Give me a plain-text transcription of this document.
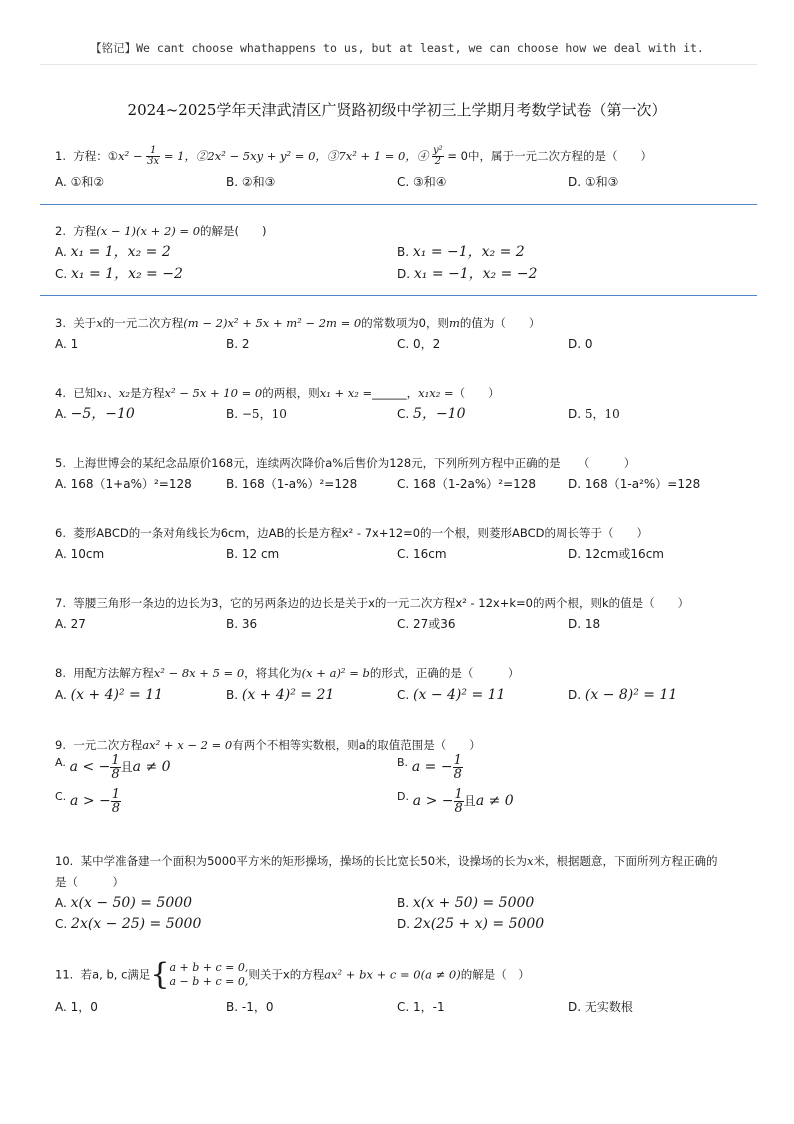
【铭记】We cant choose whathappens to us, but at least, we can choose how we deal with it.
2024~2025学年天津武清区广贤路初级中学初三上学期月考数学试卷（第一次）
1. 方程：①x² − $\frac{1}{3x} = 1$，②2x² − 5xy + y² = 0，③7x² + 1 = 0，④ $\frac{\text{y²}}{2} = 0$中，属于一元二次方程的是（　　）
A. ①和②	B. ②和③	C. ③和④	D. ①和③
2. 方程(x − 1)(x + 2) = 0的解是(　　)
A. x₁ = 1，x₂ = 2	B. x₁ = −1，x₂ = 2
C. x₁ = 1，x₂ = −2	D. x₁ = −1，x₂ = −2
3. 关于x的一元二次方程(m − 2)x² + 5x + m² − 2m = 0的常数项为0，则m的值为（　　）
A. 1	B. 2	C. 0，2	D. 0
4. 已知x₁、x₂是方程x² − 5x + 10 = 0的两根，则x₁ + x₂ =______，x₁x₂ =（　　）
A. −5，−10	B. −5，10	C. 5，−10	D. 5，10
5. 上海世博会的某纪念品原价168元，连续两次降价a%后售价为128元，下列所列方程中正确的是　　（　　　）
A. 168（1+a%）²=128	B. 168（1-a%）²=128	C. 168（1-2a%）²=128	D. 168（1-a²%）=128
6. 菱形ABCD的一条对角线长为6cm，边AB的长是方程x² - 7x+12=0的一个根，则菱形ABCD的周长等于（　　）
A. 10cm	B. 12 cm	C. 16cm	D. 12cm或16cm
7. 等腰三角形一条边的边长为3，它的另两条边的边长是关于x的一元二次方程x² - 12x+k=0的两个根，则k的值是（　　）
A. 27	B. 36	C. 27或36	D. 18
8. 用配方法解方程x² − 8x + 5 = 0，将其化为(x + a)² = b的形式，正确的是（　　　）
A. (x + 4)² = 11	B. (x + 4)² = 21	C. (x − 4)² = 11	D. (x − 8)² = 11
9. 一元二次方程ax² + x − 2 = 0有两个不相等实数根，则a的取值范围是（　　）
A. a < − $\frac{1}{8}$ 且a ≠ 0	B. a = − $\frac{1}{8}$
C. a > − $\frac{1}{8}$	D. a > − $\frac{1}{8}$ 且a ≠ 0
10. 某中学准备建一个面积为5000平方米的矩形操场，操场的长比宽长50米，设操场的长为x米，根据题意，下面所列方程正确的
是（　　　）
A. x(x − 50) = 5000	B. x(x + 50) = 5000
C. 2x(x − 25) = 5000	D. 2x(25 + x) = 5000
11. 若a, b, c满足{ a + b + c = 0,
a − b + c = 0, 则关于x的方程ax² + bx + c = 0(a ≠ 0)的解是（　）
A. 1，0	B. -1，0	C. 1，-1	D. 无实数根
